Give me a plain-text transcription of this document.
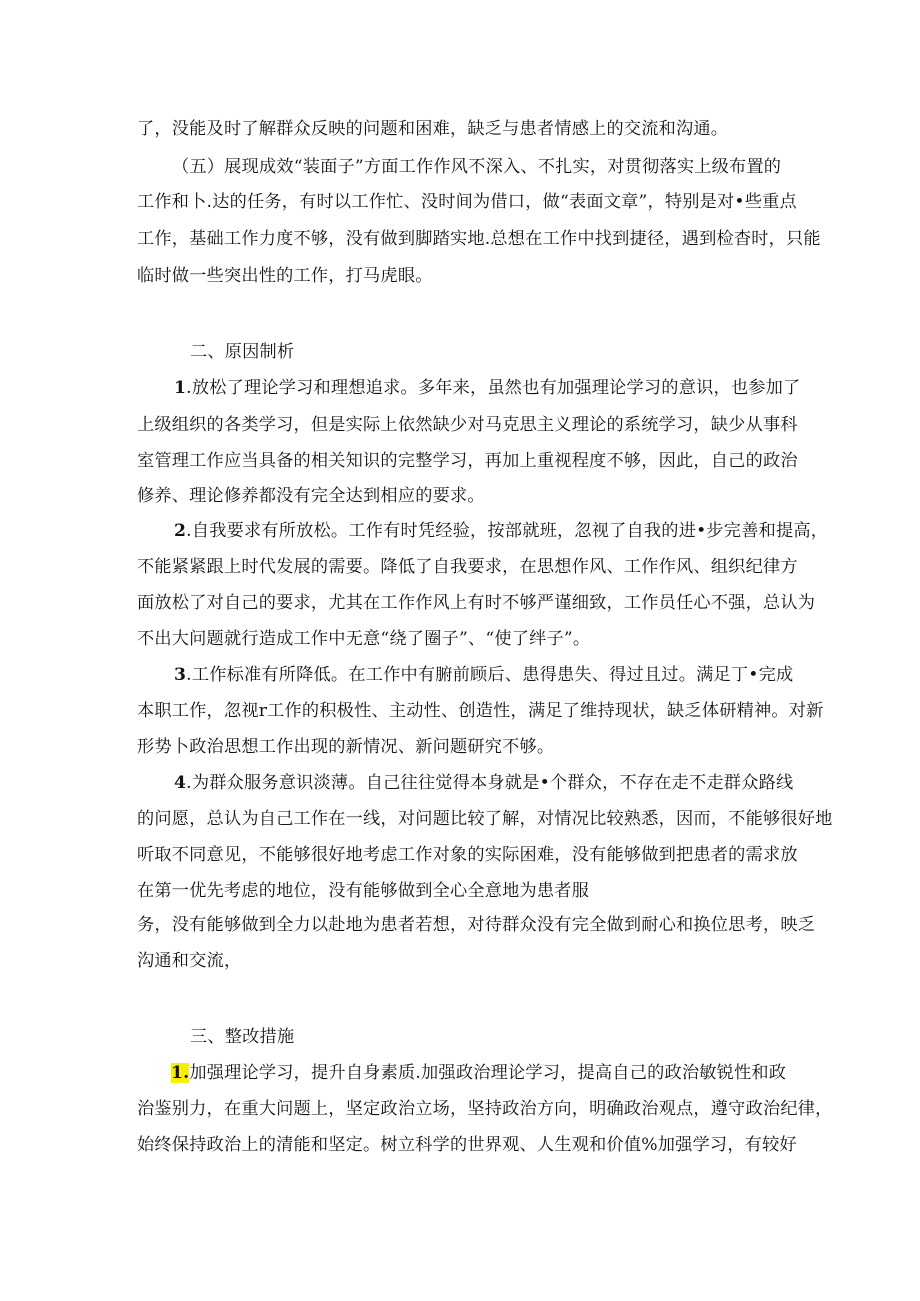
了，没能及时了解群众反映的问题和困难，缺乏与患者情感上的交流和沟通。
（五）展现成效“装面子”方面工作作风不深入、不扎实，对贯彻落实上级布置的
工作和卜.达的任务，有时以工作忙、没时间为借口，做“表面文章”，特别是对•些重点
工作，基础工作力度不够，没有做到脚踏实地.总想在工作中找到捷径，遇到检杳时，只能
临时做一些突出性的工作，打马虎眼。
二、原因制析
1.放松了理论学习和理想追求。多年来，虽然也有加强理论学习的意识，也参加了
上级组织的各类学习，但是实际上依然缺少对马克思主义理论的系统学习，缺少从事科
室管理工作应当具备的相关知识的完整学习，再加上重视程度不够，因此，自己的政治
修养、理论修养都没有完全达到相应的要求。
2.自我要求有所放松。工作有时凭经验，按部就班，忽视了自我的进•步完善和提高，
不能紧紧跟上时代发展的需要。降低了自我要求，在思想作风、工作作风、组织纪律方
面放松了对自己的要求，尤其在工作作风上有时不够严谨细致，工作员任心不强，总认为
不出大问题就行造成工作中无意“绕了圈子”、“使了绊子”。
3.工作标准有所降低。在工作中有腑前顾后、患得患失、得过且过。满足丁•完成
本职工作，忽视r工作的积极性、主动性、创造性，满足了维持现状，缺乏体研精神。对新
形势卜政治思想工作出现的新情况、新问题研究不够。
4.为群众服务意识淡薄。自己往往觉得本身就是•个群众，不存在走不走群众路线
的问愿，总认为自己工作在一线，对问题比较了解，对情况比较熟悉，因而，不能够很好地
听取不同意见，不能够很好地考虑工作对象的实际困难，没有能够做到把患者的需求放
在第一优先考虑的地位，没有能够做到全心全意地为患者服
务，没有能够做到全力以赴地为患者若想，对待群众没有完全做到耐心和换位思考，映乏
沟通和交流，
三、整改措施
1.加强理论学习，提升自身素质.加强政治理论学习，提高自己的政治敏锐性和政
治鉴别力，在重大问题上，坚定政治立场，坚持政治方向，明确政治观点，遵守政治纪律，
始终保持政治上的清能和坚定。树立科学的世界观、人生观和价值%加强学习，有较好
